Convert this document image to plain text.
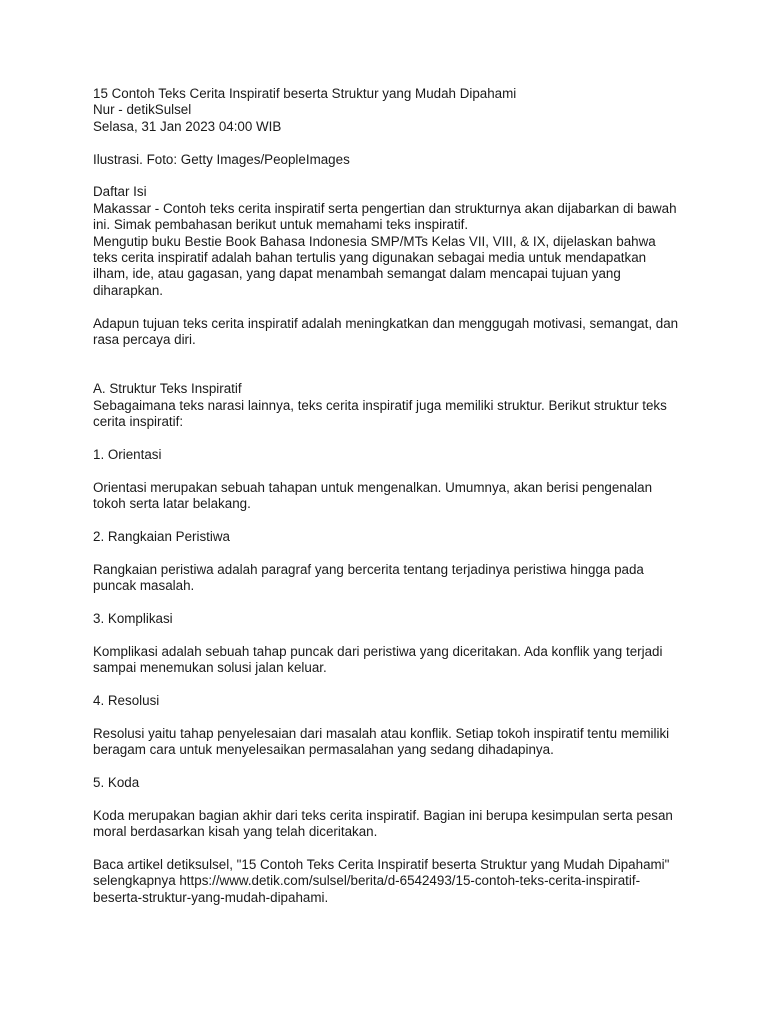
15 Contoh Teks Cerita Inspiratif beserta Struktur yang Mudah Dipahami

Nur - detikSulsel

Selasa, 31 Jan 2023 04:00 WIB

Ilustrasi. Foto: Getty Images/PeopleImages

Daftar Isi

Makassar - Contoh teks cerita inspiratif serta pengertian dan strukturnya akan dijabarkan di bawah ini. Simak pembahasan berikut untuk memahami teks inspiratif.

Mengutip buku Bestie Book Bahasa Indonesia SMP/MTs Kelas VII, VIII, & IX, dijelaskan bahwa teks cerita inspiratif adalah bahan tertulis yang digunakan sebagai media untuk mendapatkan ilham, ide, atau gagasan, yang dapat menambah semangat dalam mencapai tujuan yang diharapkan.

Adapun tujuan teks cerita inspiratif adalah meningkatkan dan menggugah motivasi, semangat, dan rasa percaya diri.

A. Struktur Teks Inspiratif

Sebagaimana teks narasi lainnya, teks cerita inspiratif juga memiliki struktur. Berikut struktur teks cerita inspiratif:

1. Orientasi

Orientasi merupakan sebuah tahapan untuk mengenalkan. Umumnya, akan berisi pengenalan tokoh serta latar belakang.

2. Rangkaian Peristiwa

Rangkaian peristiwa adalah paragraf yang bercerita tentang terjadinya peristiwa hingga pada puncak masalah.

3. Komplikasi

Komplikasi adalah sebuah tahap puncak dari peristiwa yang diceritakan. Ada konflik yang terjadi sampai menemukan solusi jalan keluar.

4. Resolusi

Resolusi yaitu tahap penyelesaian dari masalah atau konflik. Setiap tokoh inspiratif tentu memiliki beragam cara untuk menyelesaikan permasalahan yang sedang dihadapinya.

5. Koda

Koda merupakan bagian akhir dari teks cerita inspiratif. Bagian ini berupa kesimpulan serta pesan moral berdasarkan kisah yang telah diceritakan.

Baca artikel detiksulsel, "15 Contoh Teks Cerita Inspiratif beserta Struktur yang Mudah Dipahami" selengkapnya https://www.detik.com/sulsel/berita/d-6542493/15-contoh-teks-cerita-inspiratif-beserta-struktur-yang-mudah-dipahami.
